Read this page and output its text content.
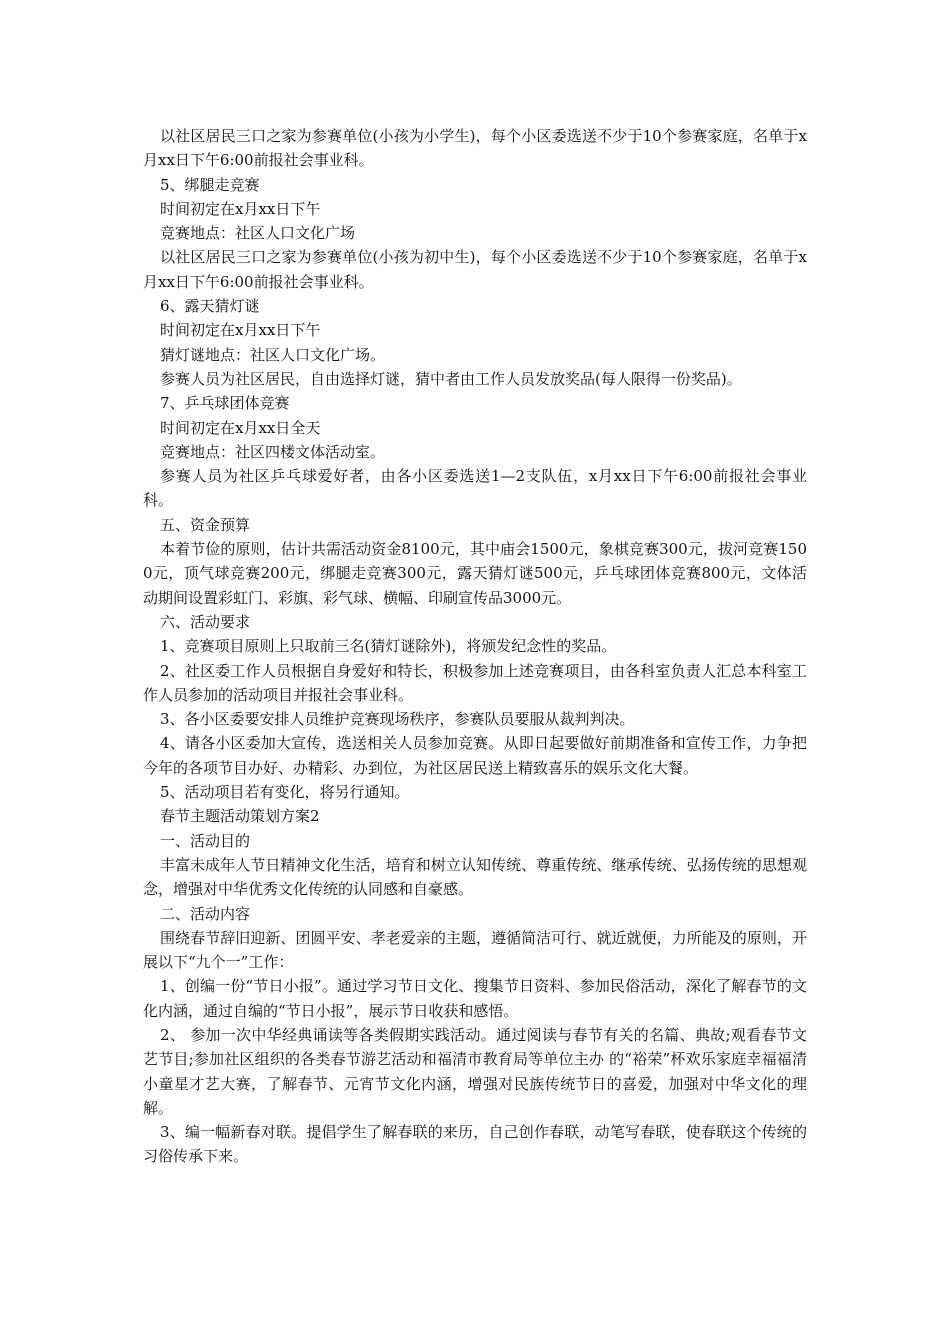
以社区居民三口之家为参赛单位(小孩为小学生)，每个小区委选送不少于10个参赛家庭，名单于x月xx日下午6:00前报社会事业科。

5、绑腿走竞赛

时间初定在x月xx日下午

竞赛地点：社区人口文化广场

以社区居民三口之家为参赛单位(小孩为初中生)，每个小区委选送不少于10个参赛家庭，名单于x月xx日下午6:00前报社会事业科。

6、露天猜灯谜

时间初定在x月xx日下午

猜灯谜地点：社区人口文化广场。

参赛人员为社区居民，自由选择灯谜，猜中者由工作人员发放奖品(每人限得一份奖品)。

7、乒乓球团体竞赛

时间初定在x月xx日全天

竞赛地点：社区四楼文体活动室。

参赛人员为社区乒乓球爱好者，由各小区委选送1—2支队伍，x月xx日下午6:00前报社会事业科。

五、资金预算

本着节俭的原则，估计共需活动资金8100元，其中庙会1500元，象棋竞赛300元，拔河竞赛1500元，顶气球竞赛200元，绑腿走竞赛300元，露天猜灯谜500元，乒乓球团体竞赛800元，文体活动期间设置彩虹门、彩旗、彩气球、横幅、印刷宣传品3000元。

六、活动要求

1、竞赛项目原则上只取前三名(猜灯谜除外)，将颁发纪念性的奖品。

2、社区委工作人员根据自身爱好和特长，积极参加上述竞赛项目，由各科室负责人汇总本科室工作人员参加的活动项目并报社会事业科。

3、各小区委要安排人员维护竞赛现场秩序，参赛队员要服从裁判判决。

4、请各小区委加大宣传，选送相关人员参加竞赛。从即日起要做好前期准备和宣传工作，力争把今年的各项节目办好、办精彩、办到位，为社区居民送上精致喜乐的娱乐文化大餐。

5、活动项目若有变化，将另行通知。

春节主题活动策划方案2

一、活动目的

丰富未成年人节日精神文化生活，培育和树立认知传统、尊重传统、继承传统、弘扬传统的思想观念，增强对中华优秀文化传统的认同感和自豪感。

二、活动内容

围绕春节辞旧迎新、团圆平安、孝老爱亲的主题，遵循简洁可行、就近就便，力所能及的原则，开展以下“九个一”工作：

1、创编一份“节日小报”。通过学习节日文化、搜集节日资料、参加民俗活动，深化了解春节的文化内涵，通过自编的“节日小报”，展示节日收获和感悟。

2、 参加一次中华经典诵读等各类假期实践活动。通过阅读与春节有关的名篇、典故;观看春节文艺节目;参加社区组织的各类春节游艺活动和福清市教育局等单位主办 的“裕荣”杯欢乐家庭幸福福清小童星才艺大赛，了解春节、元宵节文化内涵，增强对民族传统节日的喜爱，加强对中华文化的理解。

3、编一幅新春对联。提倡学生了解春联的来历，自己创作春联，动笔写春联，使春联这个传统的习俗传承下来。
